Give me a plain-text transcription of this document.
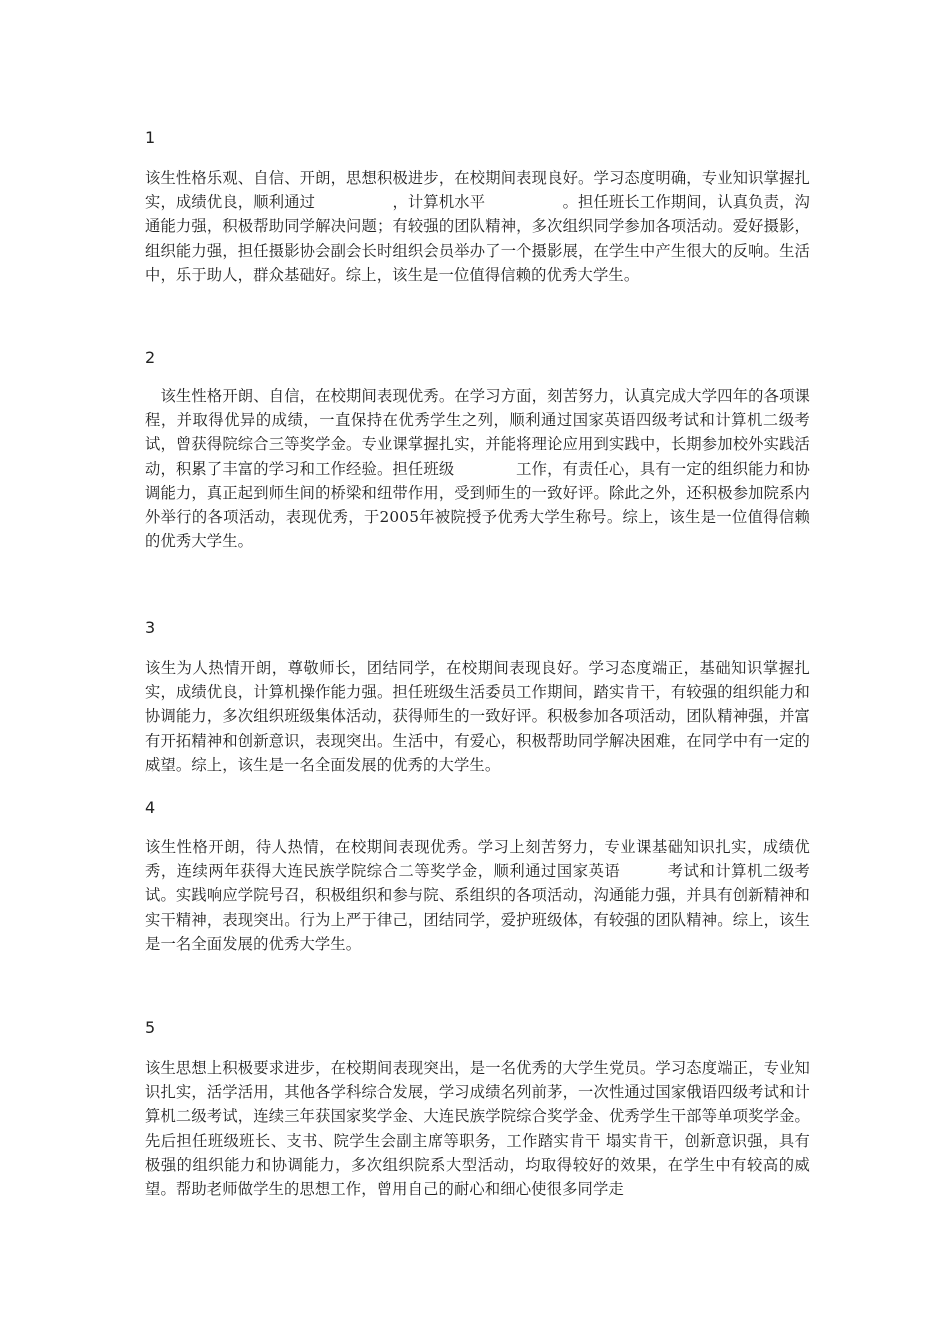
1
该生性格乐观、自信、开朗，思想积极进步，在校期间表现良好。学习态度明确，专业知识掌握扎实，成绩优良，顺利通过　　　　　，计算机水平　　　　　。担任班长工作期间，认真负责，沟通能力强，积极帮助同学解决问题；有较强的团队精神，多次组织同学参加各项活动。爱好摄影，组织能力强，担任摄影协会副会长时组织会员举办了一个摄影展，在学生中产生很大的反响。生活中，乐于助人，群众基础好。综上，该生是一位值得信赖的优秀大学生。
2
　该生性格开朗、自信，在校期间表现优秀。在学习方面，刻苦努力，认真完成大学四年的各项课程，并取得优异的成绩，一直保持在优秀学生之列，顺利通过国家英语四级考试和计算机二级考试，曾获得院综合三等奖学金。专业课掌握扎实，并能将理论应用到实践中，长期参加校外实践活动，积累了丰富的学习和工作经验。担任班级　　　　工作，有责任心，具有一定的组织能力和协调能力，真正起到师生间的桥梁和纽带作用，受到师生的一致好评。除此之外，还积极参加院系内外举行的各项活动，表现优秀，于2005年被院授予优秀大学生称号。综上，该生是一位值得信赖的优秀大学生。
3
该生为人热情开朗，尊敬师长，团结同学，在校期间表现良好。学习态度端正，基础知识掌握扎实，成绩优良，计算机操作能力强。担任班级生活委员工作期间，踏实肯干，有较强的组织能力和协调能力，多次组织班级集体活动，获得师生的一致好评。积极参加各项活动，团队精神强，并富有开拓精神和创新意识，表现突出。生活中，有爱心，积极帮助同学解决困难，在同学中有一定的威望。综上，该生是一名全面发展的优秀的大学生。
4
该生性格开朗，待人热情，在校期间表现优秀。学习上刻苦努力，专业课基础知识扎实，成绩优秀，连续两年获得大连民族学院综合二等奖学金，顺利通过国家英语　　　考试和计算机二级考试。实践响应学院号召，积极组织和参与院、系组织的各项活动，沟通能力强，并具有创新精神和实干精神，表现突出。行为上严于律己，团结同学，爱护班级体，有较强的团队精神。综上，该生是一名全面发展的优秀大学生。
5
该生思想上积极要求进步，在校期间表现突出，是一名优秀的大学生党员。学习态度端正，专业知识扎实，活学活用，其他各学科综合发展，学习成绩名列前茅，一次性通过国家俄语四级考试和计算机二级考试，连续三年获国家奖学金、大连民族学院综合奖学金、优秀学生干部等单项奖学金。先后担任班级班长、支书、院学生会副主席等职务，工作踏实肯干 塌实肯干，创新意识强，具有极强的组织能力和协调能力，多次组织院系大型活动，均取得较好的效果，在学生中有较高的威望。帮助老师做学生的思想工作，曾用自己的耐心和细心使很多同学走
